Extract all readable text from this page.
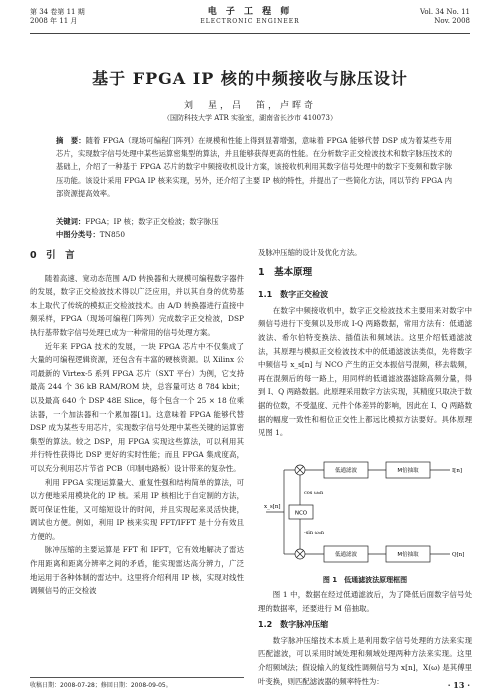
第 34 卷第 11 期
2008 年 11 月
电 子 工 程 师
ELECTRONIC ENGINEER
Vol. 34 No. 11
Nov. 2008
基于 FPGA IP 核的中频接收与脉压设计
刘　星，吕　笛，卢晖奇
（国防科技大学 ATR 实验室，湖南省长沙市 410073）
摘　要：随着 FPGA（现场可编程门阵列）在规模和性能上得到显著增强，意味着 FPGA 能够代替 DSP 成为着某些专用芯片，实现数字信号处理中某些运算密集型的算法，并且能够获得更高的性能。在分析数字正交检波技术和数字脉压技术的基础上，介绍了一种基于 FPGA 芯片的数字中频接收机设计方案，该接收机利用其数字信号处理中的数字下变频和数字脉压功能。该设计采用 FPGA IP 核来实现，另外，还介绍了主要 IP 核的特性，并提出了一些简化方法，同以节约 FPGA 内部资源提高效率。
关键词：FPGA；IP 核；数字正交检波；数字脉压
中图分类号：TN850
0　引　言

随着高速、宽动态范围 A/D 转换器和大规模可编程数字器件的发展，数字正交检波技术得以广泛应用，并以其自身的优势基本上取代了传统的模拟正交检波技术。由 A/D 转换器进行直接中频采样，FPGA（现场可编程门阵列）完成数字正交检波，DSP 执行基带数字信号处理已成为一种常用的信号处理方案。

近年来 FPGA 技术的发展，一块 FPGA 芯片中不仅集成了大量的可编程逻辑资源，还包含有丰富的硬核资源。以 Xilinx 公司最新的 Virtex-5 系列 FPGA 芯片（SXT 平台）为例，它支持最高 244 个 36 kB RAM/ROM 块，总容量可达 8 784 kbit；以及最高 640 个 DSP 48E Slice，每个包含一个 25 × 18 位乘法器，一个加法器和一个累加器[1]。这意味着 FPGA 能够代替 DSP 成为某些专用芯片，实现数字信号处理中某些关键的运算密集型的算法。较之 DSP，用 FPGA 实现这些算法，可以利用其并行特性获得比 DSP 更好的实时性能；而且 FPGA 集成度高，可以充分利用芯片节省 PCB（印制电路板）设计带来的复杂性。

利用 FPGA 实现运算量大、重复性强和结构简单的算法，可以方便地采用模块化的 IP 核。采用 IP 核相比于自定制的方法，既可保证性能，又可缩短设计的时间，并且实现起来灵活快捷，调试也方便。例如，利用 IP 核来实现 FFT/IFFT 是十分有效且方便的。

脉冲压缩的主要运算是 FFT 和 IFFT，它有效地解决了雷达作用距离和距离分辨率之间的矛盾，能实现雷达高分辨力，广泛地运用于各种体制的雷达中。这里将介绍利用 IP 核，实现对线性调频信号的正交检波

收稿日期：2008-07-28；修回日期：2008-09-05。

及脉冲压缩的设计及优化方法。

1　基本原理
1.1　数字正交检波

在数字中频接收机中，数字正交检波技术主要用来对数字中频信号进行下变频以及形成 I-Q 两路数据，常用方法有：低通滤波法、希尔伯特变换法、插值法和频域法。这里介绍低通滤波法，其原理与模拟正交检波技术中的低通滤波法类似，先将数字中频信号 x_s[n] 与 NCO 产生的正交本振信号混频，移去载频，再在混频后的每一路上，用同样的低通滤波器滤除高频分量，得到 I、Q 两路数据。此原理采用数字方法实现，其精度只取决于数据的位数，不受温度、元件个体差异的影响，因此在 I、Q 两路数据的幅度一致性和相位正交性上都远比模拟方法要好。具体原理见图 1。

x_s[n]
NCO
cos ω₀n
-sin ω₀n
低通滤波
低通滤波
M倍抽取
M倍抽取
I[n]
Q[n]
图 1　低通滤波法原理框图

图 1 中，数据在经过低通滤波后，为了降低后面数字信号处理的数据率，还要进行 M 倍抽取。

1.2　数字脉冲压缩

数字脉冲压缩技术本质上是利用数字信号处理的方法来实现匹配滤波，可以采用时域处理和频域处理两种方法来实现。这里介绍频域法；假设输入的复线性调频信号为 x[n]，X(ω) 是其傅里叶变换，则匹配滤波器的频率特性为：	· 13 ·
